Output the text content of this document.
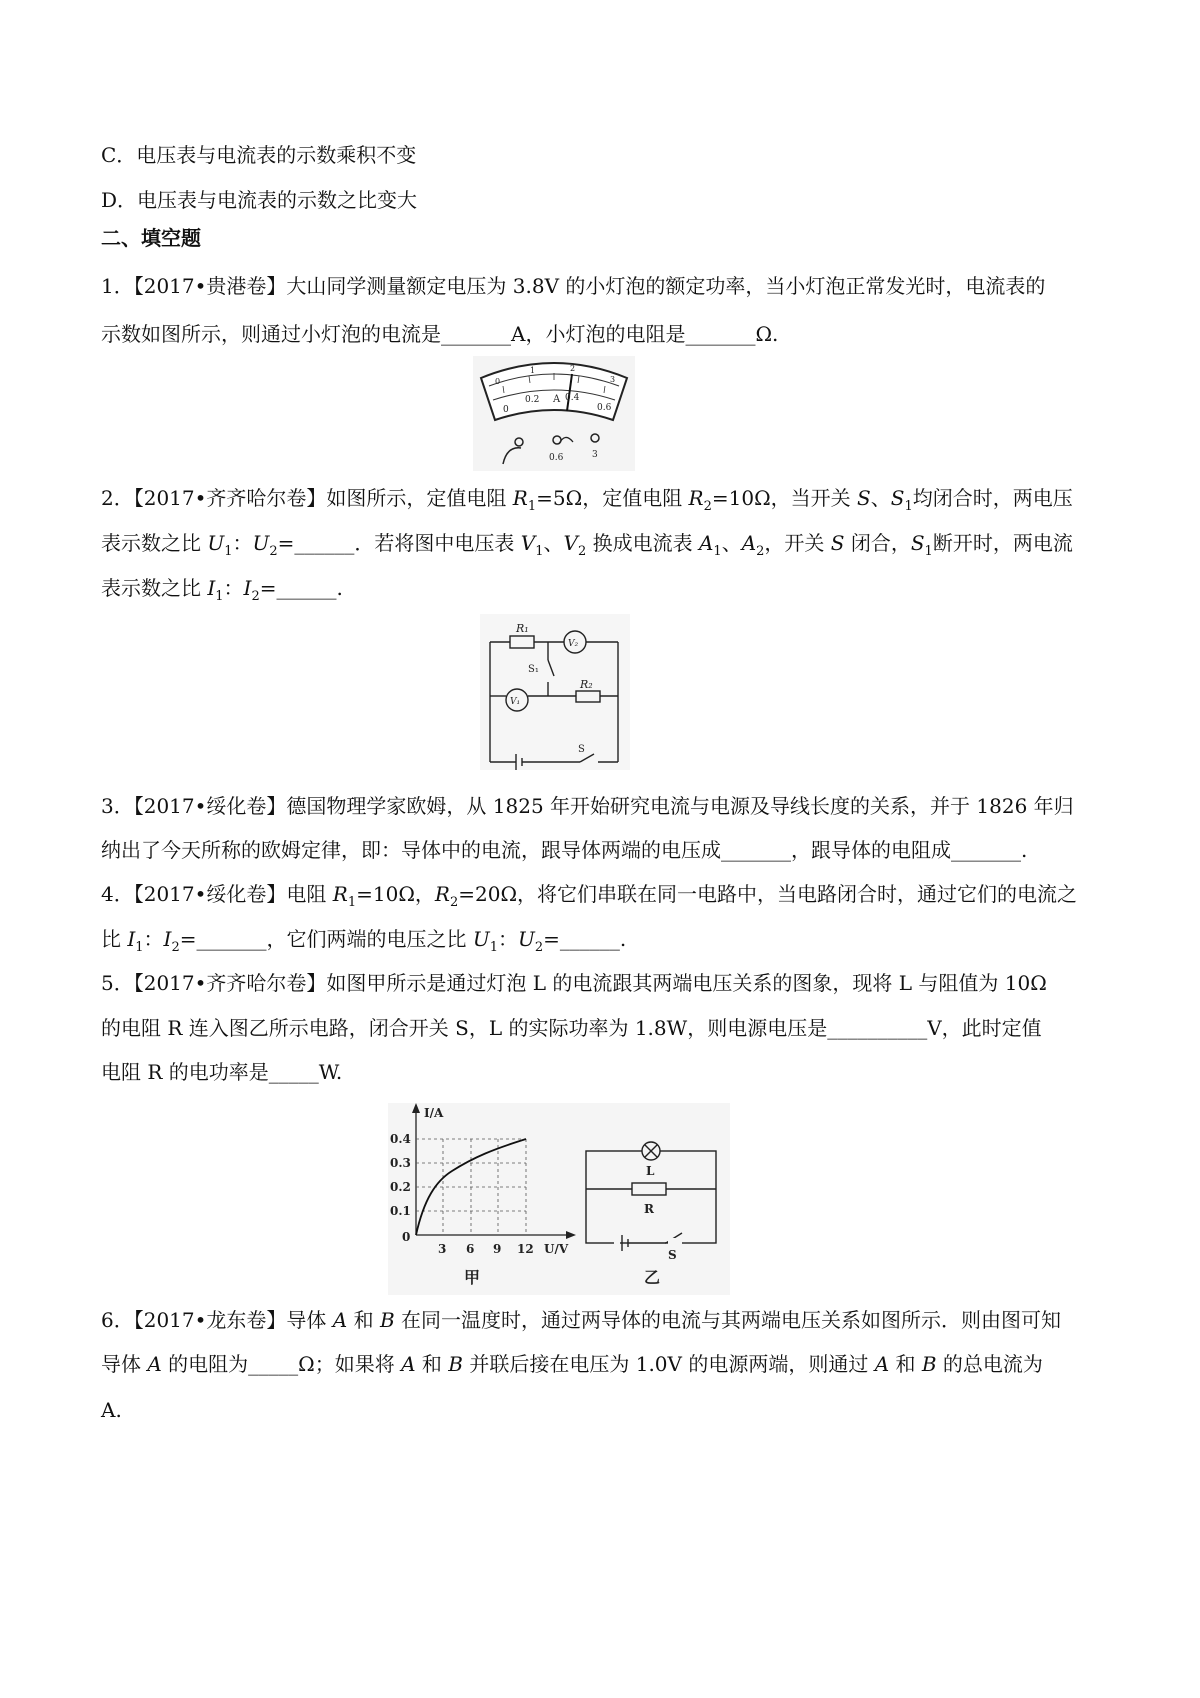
C．电压表与电流表的示数乘积不变
D．电压表与电流表的示数之比变大
二、填空题
1．【2017•贵港卷】大山同学测量额定电压为 3.8V 的小灯泡的额定功率，当小灯泡正常发光时，电流表的
示数如图所示，则通过小灯泡的电流是_______A，小灯泡的电阻是_______Ω.
0
1	2
3
0
0.2	0.4
0.6
A
0.6	3
2．【2017•齐齐哈尔卷】如图所示，定值电阻 $R_1=5\Omega$，定值电阻 $R_2=10\Omega$，当开关 S、$S_1$均闭合时，两电压
表示数之比 $U_1$：$U_2=\_\_\_\_\_\_$．若将图中电压表 $V_1$、$V_2$ 换成电流表 $A_1$、$A_2$，开关 S 闭合，$S_1$断开时，两电流
表示数之比 $I_1$：$I_2=\_\_\_\_\_\_$.
R₁
V₂
S₁
V₁
R₂
S
3．【2017•绥化卷】德国物理学家欧姆，从 1825 年开始研究电流与电源及导线长度的关系，并于 1826 年归
纳出了今天所称的欧姆定律，即：导体中的电流，跟导体两端的电压成_______，跟导体的电阻成_______.
4．【2017•绥化卷】电阻 $R_1=10\Omega$，$R_2=20\Omega$，将它们串联在同一电路中，当电路闭合时，通过它们的电流之
比 $I_1$：$I_2=\_\_\_\_\_\_\_$，它们两端的电压之比 $U_1$：$U_2=\_\_\_\_\_\_$.
5．【2017•齐齐哈尔卷】如图甲所示是通过灯泡 L 的电流跟其两端电压关系的图象，现将 L 与阻值为 10Ω
的电阻 R 连入图乙所示电路，闭合开关 S，L 的实际功率为 1.8W，则电源电压是__________V，此时定值
电阻 R 的电功率是_____W.
I/A
0.4
0.3
0.2
0.1
0
3 6 9 12 U/V
甲
L
R
S
乙
6．【2017•龙东卷】导体 A 和 B 在同一温度时，通过两导体的电流与其两端电压关系如图所示．则由图可知
导体 A 的电阻为_____Ω；如果将 A 和 B 并联后接在电压为 1.0V 的电源两端，则通过 A 和 B 的总电流为
A.
